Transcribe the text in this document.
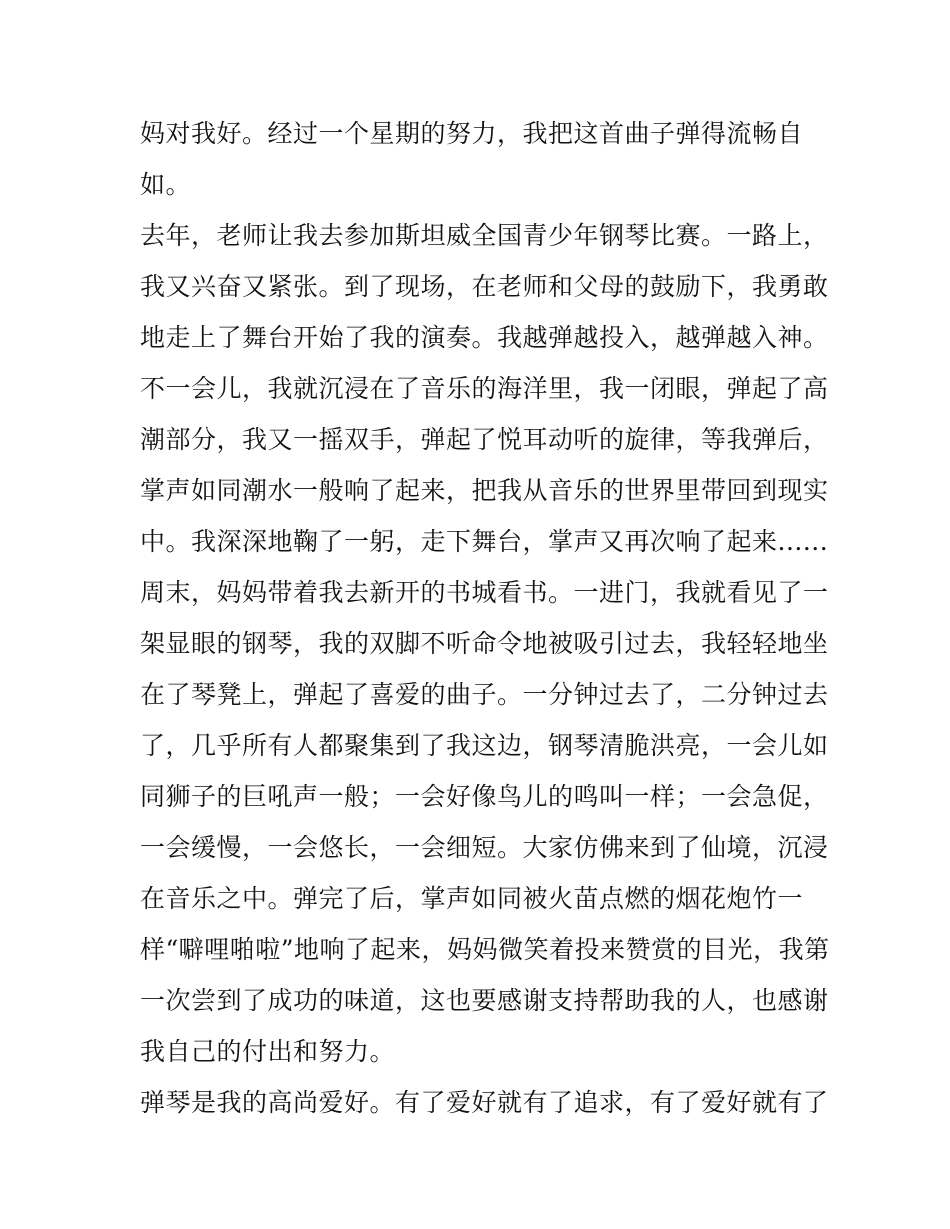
妈对我好。经过一个星期的努力，我把这首曲子弹得流畅自
如。
去年，老师让我去参加斯坦威全国青少年钢琴比赛。一路上，
我又兴奋又紧张。到了现场，在老师和父母的鼓励下，我勇敢
地走上了舞台开始了我的演奏。我越弹越投入，越弹越入神。
不一会儿，我就沉浸在了音乐的海洋里，我一闭眼，弹起了高
潮部分，我又一摇双手，弹起了悦耳动听的旋律，等我弹后，
掌声如同潮水一般响了起来，把我从音乐的世界里带回到现实
中。我深深地鞠了一躬，走下舞台，掌声又再次响了起来......
周末，妈妈带着我去新开的书城看书。一进门，我就看见了一
架显眼的钢琴，我的双脚不听命令地被吸引过去，我轻轻地坐
在了琴凳上，弹起了喜爱的曲子。一分钟过去了，二分钟过去
了，几乎所有人都聚集到了我这边，钢琴清脆洪亮，一会儿如
同狮子的巨吼声一般；一会好像鸟儿的鸣叫一样；一会急促，
一会缓慢，一会悠长，一会细短。大家仿佛来到了仙境，沉浸
在音乐之中。弹完了后，掌声如同被火苗点燃的烟花炮竹一
样“噼哩啪啦”地响了起来，妈妈微笑着投来赞赏的目光，我第
一次尝到了成功的味道，这也要感谢支持帮助我的人，也感谢
我自己的付出和努力。
弹琴是我的高尚爱好。有了爱好就有了追求，有了爱好就有了
